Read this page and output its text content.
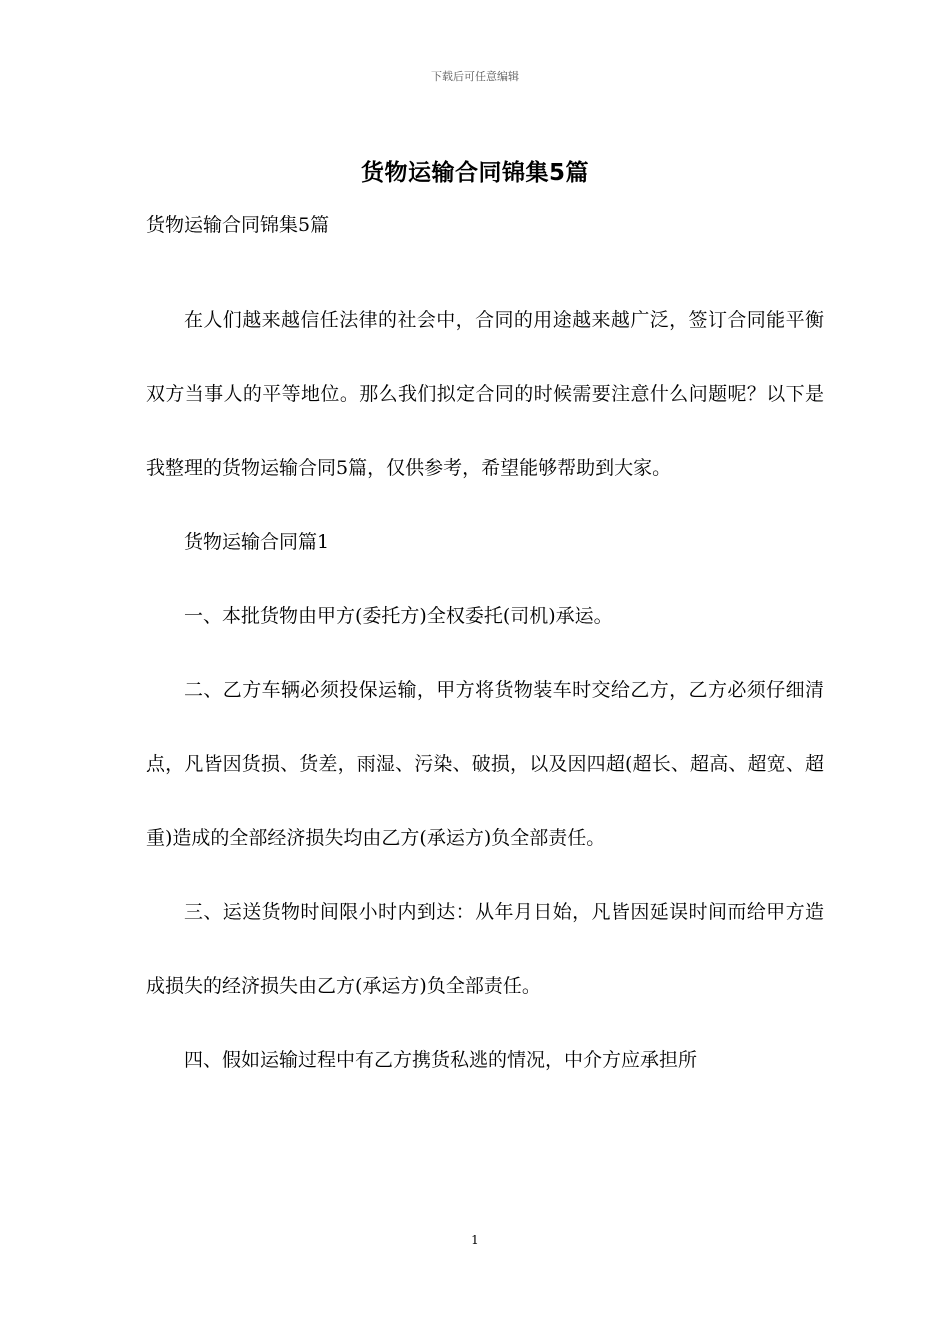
下载后可任意编辑
货物运输合同锦集5篇
货物运输合同锦集5篇

在人们越来越信任法律的社会中，合同的用途越来越广泛，签订合同能平衡双方当事人的平等地位。那么我们拟定合同的时候需要注意什么问题呢？以下是我整理的货物运输合同5篇，仅供参考，希望能够帮助到大家。

货物运输合同篇1

一、本批货物由甲方(委托方)全权委托(司机)承运。

二、乙方车辆必须投保运输，甲方将货物装车时交给乙方，乙方必须仔细清点，凡皆因货损、货差，雨湿、污染、破损，以及因四超(超长、超高、超宽、超重)造成的全部经济损失均由乙方(承运方)负全部责任。

三、运送货物时间限小时内到达：从年月日始，凡皆因延误时间而给甲方造成损失的经济损失由乙方(承运方)负全部责任。

四、假如运输过程中有乙方携货私逃的情况，中介方应承担所

1
